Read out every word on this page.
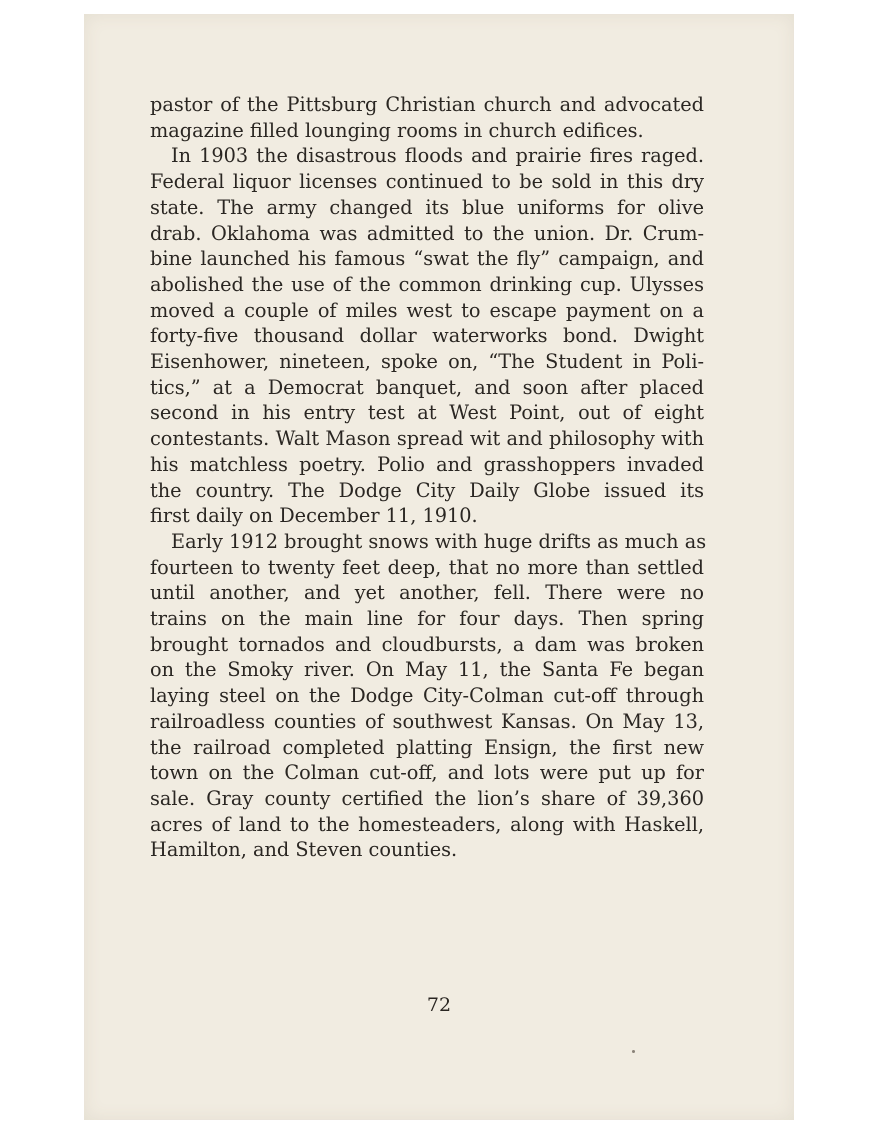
pastor of the Pittsburg Christian church and advocated
magazine filled lounging rooms in church edifices.
In 1903 the disastrous floods and prairie fires raged.
Federal liquor licenses continued to be sold in this dry
state. The army changed its blue uniforms for olive
drab. Oklahoma was admitted to the union. Dr. Crum-
bine launched his famous “swat the fly” campaign, and
abolished the use of the common drinking cup. Ulysses
moved a couple of miles west to escape payment on a
forty-five thousand dollar waterworks bond. Dwight
Eisenhower, nineteen, spoke on, “The Student in Poli-
tics,” at a Democrat banquet, and soon after placed
second in his entry test at West Point, out of eight
contestants. Walt Mason spread wit and philosophy with
his matchless poetry. Polio and grasshoppers invaded
the country. The Dodge City Daily Globe issued its
first daily on December 11, 1910.
Early 1912 brought snows with huge drifts as much as
fourteen to twenty feet deep, that no more than settled
until another, and yet another, fell. There were no
trains on the main line for four days. Then spring
brought tornados and cloudbursts, a dam was broken
on the Smoky river. On May 11, the Santa Fe began
laying steel on the Dodge City-Colman cut-off through
railroadless counties of southwest Kansas. On May 13,
the railroad completed platting Ensign, the first new
town on the Colman cut-off, and lots were put up for
sale. Gray county certified the lion’s share of 39,360
acres of land to the homesteaders, along with Haskell,
Hamilton, and Steven counties.
72
